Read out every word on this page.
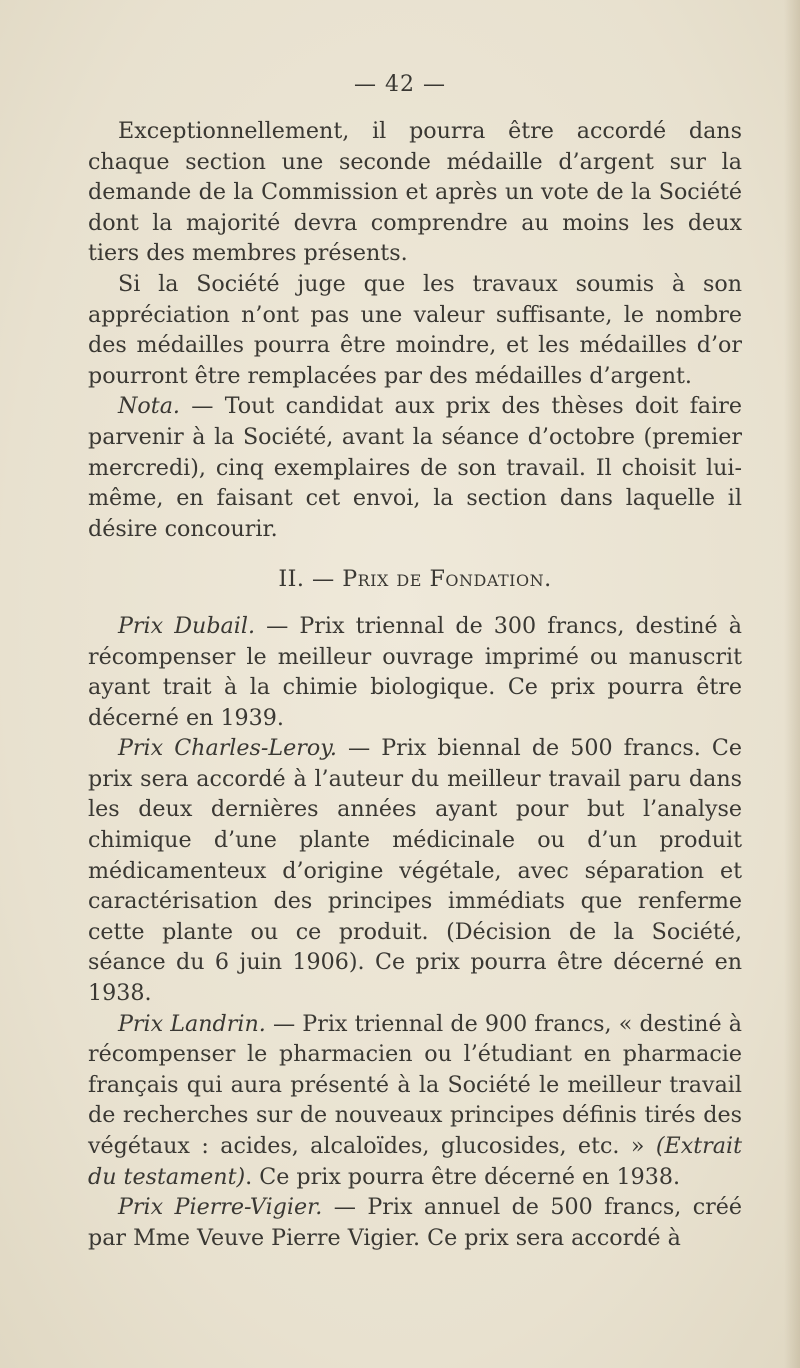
— 42 —

Exceptionnellement, il pourra être accordé dans chaque section une seconde médaille d’argent sur la demande de la Commission et après un vote de la Société dont la majorité devra comprendre au moins les deux tiers des membres présents.

Si la Société juge que les travaux soumis à son appréciation n’ont pas une valeur suffisante, le nombre des médailles pourra être moindre, et les médailles d’or pourront être remplacées par des médailles d’argent.

Nota. — Tout candidat aux prix des thèses doit faire parvenir à la Société, avant la séance d’octobre (premier mercredi), cinq exemplaires de son travail. Il choisit lui-même, en faisant cet envoi, la section dans laquelle il désire concourir.

II. — Prix de Fondation.

Prix Dubail. — Prix triennal de 300 francs, destiné à récompenser le meilleur ouvrage imprimé ou manuscrit ayant trait à la chimie biologique. Ce prix pourra être décerné en 1939.

Prix Charles-Leroy. — Prix biennal de 500 francs. Ce prix sera accordé à l’auteur du meilleur travail paru dans les deux dernières années ayant pour but l’analyse chimique d’une plante médicinale ou d’un produit médicamenteux d’origine végétale, avec séparation et caractérisation des principes immédiats que renferme cette plante ou ce produit. (Décision de la Société, séance du 6 juin 1906). Ce prix pourra être décerné en 1938.

Prix Landrin. — Prix triennal de 900 francs, « destiné à récompenser le pharmacien ou l’étudiant en pharmacie français qui aura présenté à la Société le meilleur travail de recherches sur de nouveaux principes définis tirés des végétaux : acides, alcaloïdes, glucosides, etc. » (Extrait du testament). Ce prix pourra être décerné en 1938.

Prix Pierre-Vigier. — Prix annuel de 500 francs, créé par Mme Veuve Pierre Vigier. Ce prix sera accordé à
